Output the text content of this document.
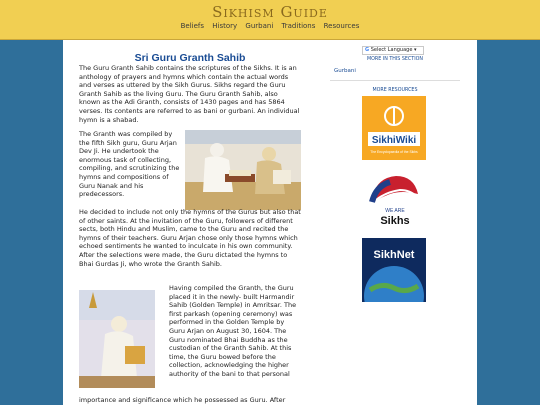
Sikhism Guide
Beliefs History Gurbani Traditions Resources
Sri Guru Granth Sahib
The Guru Granth Sahib contains the scriptures of the Sikhs. It is an anthology of prayers and hymns which contain the actual words and verses as uttered by the Sikh Gurus. Sikhs regard the Guru Granth Sahib as the living Guru. The Guru Granth Sahib, also known as the Adi Granth, consists of 1430 pages and has 5864 verses. Its contents are referred to as bani or gurbani. An individual hymn is a shabad.
The Granth was compiled by the fifth Sikh guru, Guru Arjan Dev Ji. He undertook the enormous task of collecting, compiling, and scrutinizing the hymns and compositions of Guru Nanak and his predecessors.
He decided to include not only the hymns of the Gurus but also that of other saints. At the invitation of the Guru, followers of different sects, both Hindu and Muslim, came to the Guru and recited the hymns of their teachers. Guru Arjan chose only those hymns which echoed sentiments he wanted to inculcate in his own community. After the selections were made, the Guru dictated the hymns to Bhai Gurdas Ji, who wrote the Granth Sahib.
Having compiled the Granth, the Guru placed it in the newly- built Harmandir Sahib (Golden Temple) in Amritsar. The first parkash (opening ceremony) was performed in the Golden Temple by Guru Arjan on August 30, 1604. The Guru nominated Bhai Buddha as the custodian of the Granth Sahib. At this time, the Guru bowed before the collection, acknowledging the higher authority of the bani to that personal
importance and significance which he possessed as Guru. After
G Select Language ▾
MORE IN THIS SECTION
Gurbani
MORE RESOURCES
SikhiWiki
The Encyclopaedia of the Sikhs
WE ARE
Sikhs
SikhNet
